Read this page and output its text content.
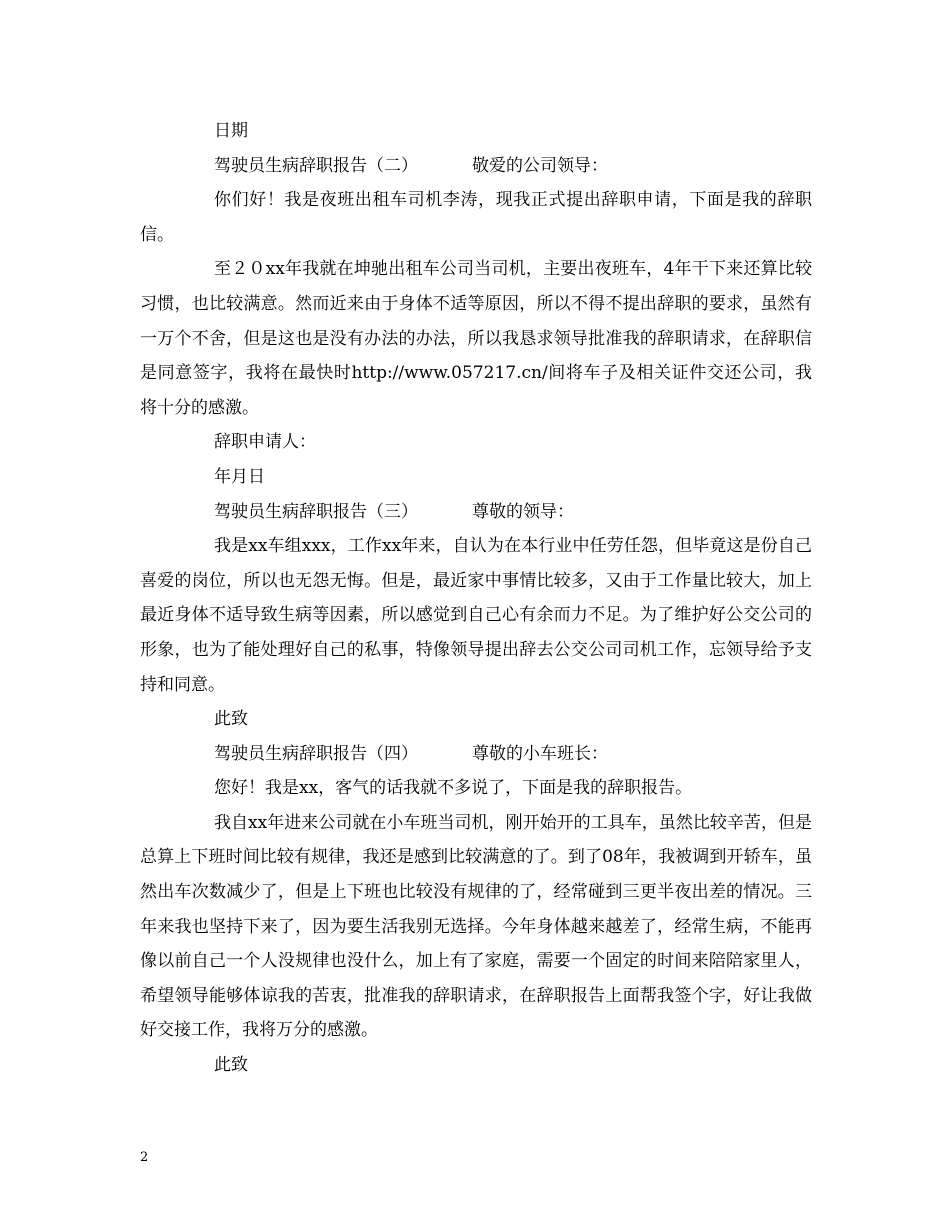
日期

驾驶员生病辞职报告（二）	敬爱的公司领导：

你们好！我是夜班出租车司机李涛，现我正式提出辞职申请，下面是我的辞职信。

至２０xx年我就在坤驰出租车公司当司机，主要出夜班车，4年干下来还算比较习惯，也比较满意。然而近来由于身体不适等原因，所以不得不提出辞职的要求，虽然有一万个不舍，但是这也是没有办法的办法，所以我恳求领导批准我的辞职请求，在辞职信是同意签字，我将在最快时http://www.057217.cn/间将车子及相关证件交还公司，我将十分的感激。

辞职申请人：

年月日

驾驶员生病辞职报告（三）	尊敬的领导：

我是xx车组xxx，工作xx年来，自认为在本行业中任劳任怨，但毕竟这是份自己喜爱的岗位，所以也无怨无悔。但是，最近家中事情比较多，又由于工作量比较大，加上最近身体不适导致生病等因素，所以感觉到自己心有余而力不足。为了维护好公交公司的形象，也为了能处理好自己的私事，特像领导提出辞去公交公司司机工作，忘领导给予支持和同意。

此致

驾驶员生病辞职报告（四）	尊敬的小车班长：

您好！我是xx，客气的话我就不多说了，下面是我的辞职报告。

我自xx年进来公司就在小车班当司机，刚开始开的工具车，虽然比较辛苦，但是总算上下班时间比较有规律，我还是感到比较满意的了。到了08年，我被调到开轿车，虽然出车次数减少了，但是上下班也比较没有规律的了，经常碰到三更半夜出差的情况。三年来我也坚持下来了，因为要生活我别无选择。今年身体越来越差了，经常生病，不能再像以前自己一个人没规律也没什么，加上有了家庭，需要一个固定的时间来陪陪家里人，希望领导能够体谅我的苦衷，批准我的辞职请求，在辞职报告上面帮我签个字，好让我做好交接工作，我将万分的感激。

此致

2
